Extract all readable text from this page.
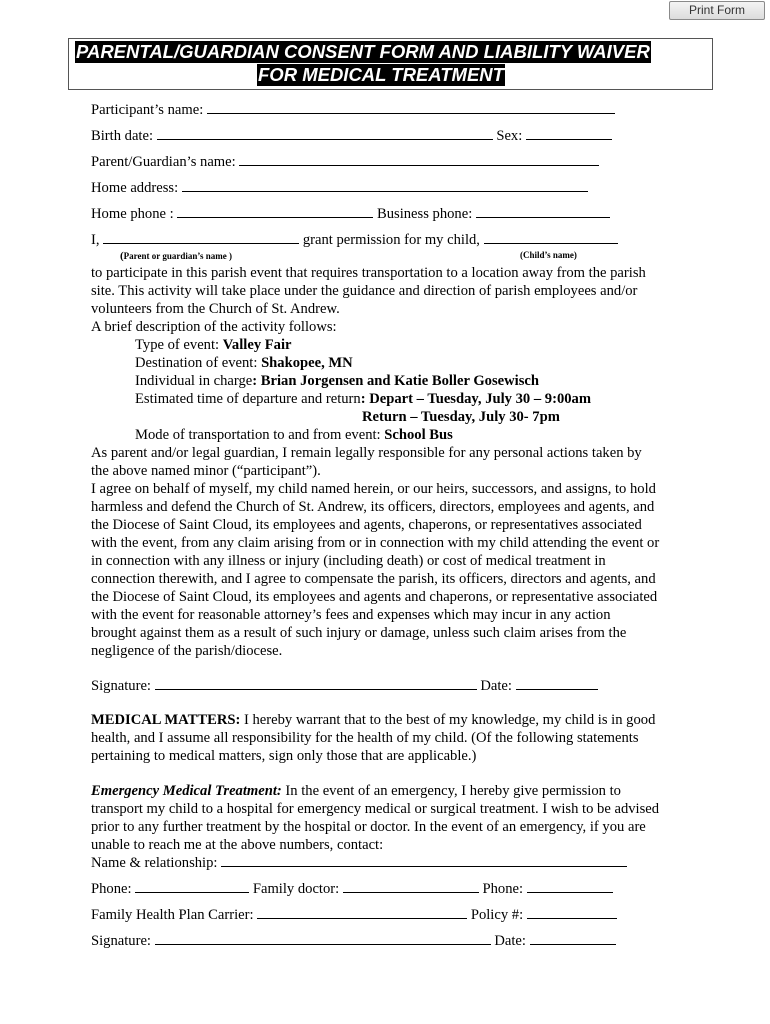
Print Form
PARENTAL/GUARDIAN CONSENT FORM AND LIABILITY WAIVER
FOR MEDICAL TREATMENT
Participant’s name:
Birth date:	Sex:
Parent/Guardian’s name:
Home address:
Home phone :	Business phone:
I,	grant permission for my child,
(Parent or guardian’s name )	(Child’s name)
to participate in this parish event that requires transportation to a location away from the parish
site. This activity will take place under the guidance and direction of parish employees and/or
volunteers from the Church of St. Andrew.
A brief description of the activity follows:
Type of event: Valley Fair
Destination of event: Shakopee, MN
Individual in charge: Brian Jorgensen and Katie Boller Gosewisch
Estimated time of departure and return: Depart – Tuesday, July 30 – 9:00am
Return – Tuesday, July 30- 7pm
Mode of transportation to and from event: School Bus
As parent and/or legal guardian, I remain legally responsible for any personal actions taken by
the above named minor (“participant”).
I agree on behalf of myself, my child named herein, or our heirs, successors, and assigns, to hold
harmless and defend the Church of St. Andrew, its officers, directors, employees and agents, and
the Diocese of Saint Cloud, its employees and agents, chaperons, or representatives associated
with the event, from any claim arising from or in connection with my child attending the event or
in connection with any illness or injury (including death) or cost of medical treatment in
connection therewith, and I agree to compensate the parish, its officers, directors and agents, and
the Diocese of Saint Cloud, its employees and agents and chaperons, or representative associated
with the event for reasonable attorney’s fees and expenses which may incur in any action
brought against them as a result of such injury or damage, unless such claim arises from the
negligence of the parish/diocese.
Signature:	Date:
MEDICAL MATTERS: I hereby warrant that to the best of my knowledge, my child is in good
health, and I assume all responsibility for the health of my child. (Of the following statements
pertaining to medical matters, sign only those that are applicable.)
Emergency Medical Treatment: In the event of an emergency, I hereby give permission to
transport my child to a hospital for emergency medical or surgical treatment. I wish to be advised
prior to any further treatment by the hospital or doctor. In the event of an emergency, if you are
unable to reach me at the above numbers, contact:
Name & relationship:
Phone:	Family doctor:	Phone:
Family Health Plan Carrier:	Policy #:
Signature:	Date:
